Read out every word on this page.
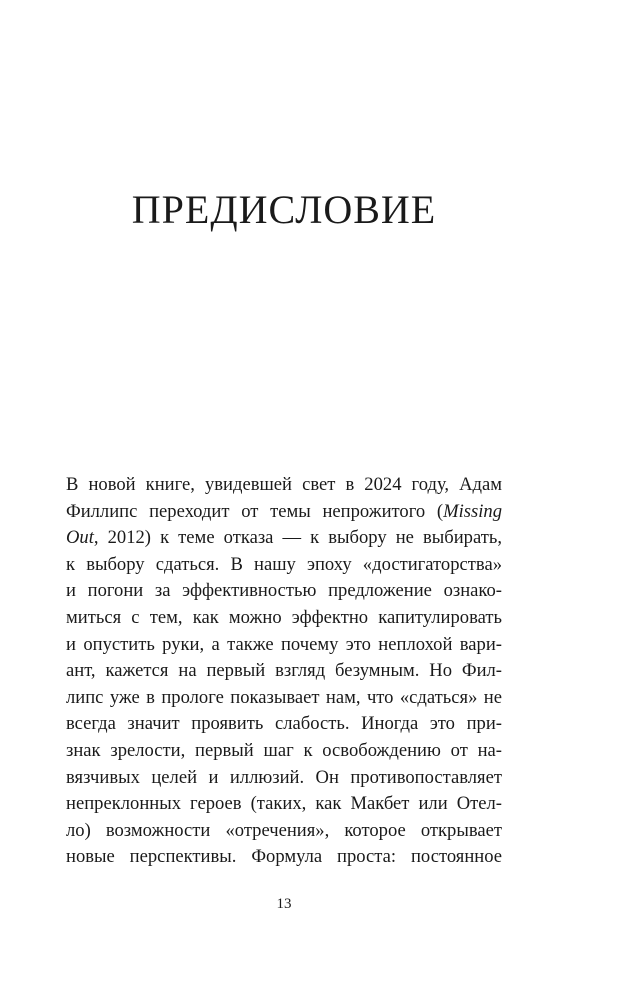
ПРЕДИСЛОВИЕ
В новой книге, увидевшей свет в 2024 году, Адам
Филлипс переходит от темы непрожитого (Missing
Out, 2012) к теме отказа — к выбору не выбирать,
к выбору сдаться. В нашу эпоху «достигаторства»
и погони за эффективностью предложение ознако-
миться с тем, как можно эффектно капитулировать
и опустить руки, а также почему это неплохой вари-
ант, кажется на первый взгляд безумным. Но Фил-
липс уже в прологе показывает нам, что «сдаться» не
всегда значит проявить слабость. Иногда это при-
знак зрелости, первый шаг к освобождению от на-
вязчивых целей и иллюзий. Он противопоставляет
непреклонных героев (таких, как Макбет или Отел-
ло) возможности «отречения», которое открывает
новые перспективы. Формула проста: постоянное
13
